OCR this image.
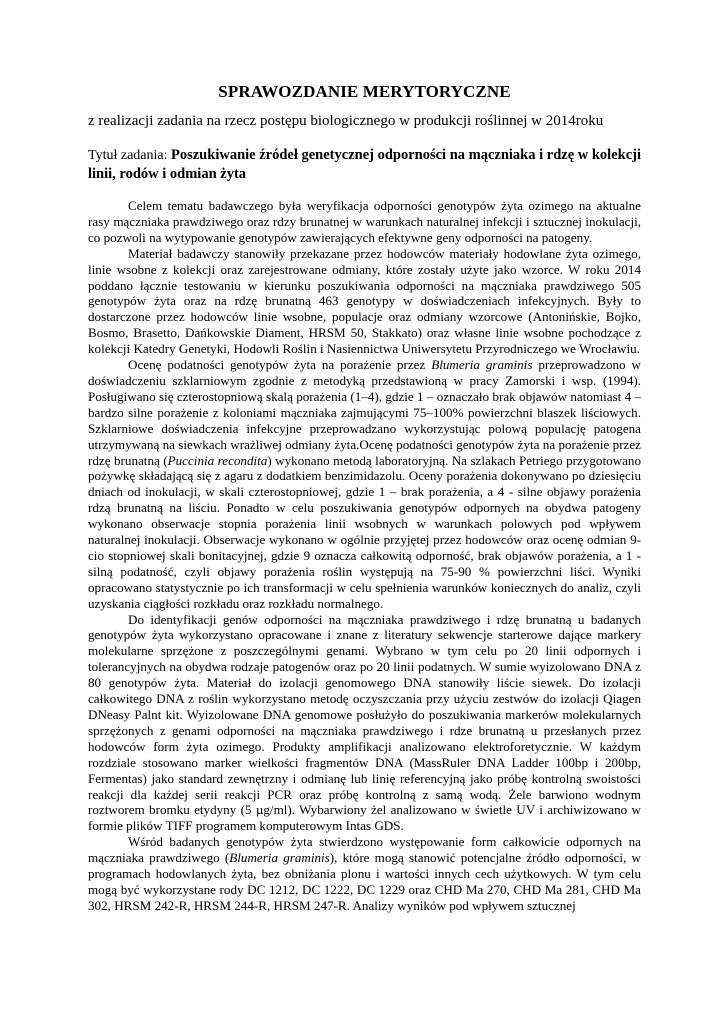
SPRAWOZDANIE MERYTORYCZNE

z realizacji zadania na rzecz postępu biologicznego w produkcji roślinnej w 2014roku

Tytuł zadania: Poszukiwanie źródeł genetycznej odporności na mączniaka i rdzę w kolekcji linii, rodów i odmian żyta

Celem tematu badawczego była weryfikacja odporności genotypów żyta ozimego na aktualne rasy mączniaka prawdziwego oraz rdzy brunatnej w warunkach naturalnej infekcji i sztucznej inokulacji, co pozwoli na wytypowanie genotypów zawierających efektywne geny odporności na patogeny.

Materiał badawczy stanowiły przekazane przez hodowców materiały hodowlane żyta ozimego, linie wsobne z kolekcji oraz zarejestrowane odmiany, które zostały użyte jako wzorce. W roku 2014 poddano łącznie testowaniu w kierunku poszukiwania odporności na mączniaka prawdziwego 505 genotypów żyta oraz na rdzę brunatną 463 genotypy w doświadczeniach infekcyjnych. Były to dostarczone przez hodowców linie wsobne, populacje oraz odmiany wzorcowe (Antonińskie, Bojko, Bosmo, Brasetto, Dańkowskie Diament, HRSM 50, Stakkato) oraz własne linie wsobne pochodzące z kolekcji Katedry Genetyki, Hodowli Roślin i Nasiennictwa Uniwersytetu Przyrodniczego we Wrocławiu.

Ocenę podatności genotypów żyta na porażenie przez Blumeria graminis przeprowadzono w doświadczeniu szklarniowym zgodnie z metodyką przedstawioną w pracy Zamorski i wsp. (1994). Posługiwano się czterostopniową skalą porażenia (1–4), gdzie 1 – oznaczało brak objawów natomiast 4 – bardzo silne porażenie z koloniami mączniaka zajmującymi 75–100% powierzchni blaszek liściowych. Szklarniowe doświadczenia infekcyjne przeprowadzano wykorzystując polową populację patogena utrzymywaną na siewkach wrażliwej odmiany żyta.Ocenę podatności genotypów żyta na porażenie przez rdzę brunatną (Puccinia recondita) wykonano metodą laboratoryjną. Na szlakach Petriego przygotowano pożywkę składającą się z agaru z dodatkiem benzimidazolu. Oceny porażenia dokonywano po dziesięciu dniach od inokulacji, w skali czterostopniowej, gdzie 1 – brak porażenia, a 4 - silne objawy porażenia rdzą brunatną na liściu. Ponadto w celu poszukiwania genotypów odpornych na obydwa patogeny wykonano obserwacje stopnia porażenia linii wsobnych w warunkach polowych pod wpływem naturalnej inokulacji. Obserwacje wykonano w ogólnie przyjętej przez hodowców oraz ocenę odmian 9-cio stopniowej skali bonitacyjnej, gdzie 9 oznacza całkowitą odporność, brak objawów porażenia, a 1 - silną podatność, czyli objawy porażenia roślin występują na 75-90 % powierzchni liści. Wyniki opracowano statystycznie po ich transformacji w celu spełnienia warunków koniecznych do analiz, czyli uzyskania ciągłości rozkładu oraz rozkładu normalnego.

Do identyfikacji genów odporności na mączniaka prawdziwego i rdzę brunatną u badanych genotypów żyta wykorzystano opracowane i znane z literatury sekwencje starterowe dające markery molekularne sprzężone z poszczególnymi genami. Wybrano w tym celu po 20 linii odpornych i tolerancyjnych na obydwa rodzaje patogenów oraz po 20 linii podatnych. W sumie wyizolowano DNA z 80 genotypów żyta. Materiał do izolacji genomowego DNA stanowiły liście siewek. Do izolacji całkowitego DNA z roślin wykorzystano metodę oczyszczania przy użyciu zestwów do izolacji Qiagen DNeasy Palnt kit. Wyizolowane DNA genomowe posłużyło do poszukiwania markerów molekularnych sprzężonych z genami odporności na mączniaka prawdziwego i rdze brunatną u przesłanych przez hodowców form żyta ozimego. Produkty amplifikacji analizowano elektroforetycznie. W każdym rozdziale stosowano marker wielkości fragmentów DNA (MassRuler DNA Ladder 100bp i 200bp, Fermentas) jako standard zewnętrzny i odmianę lub linię referencyjną jako próbę kontrolną swoistości reakcji dla każdej serii reakcji PCR oraz próbę kontrolną z samą wodą. Żele barwiono wodnym roztworem bromku etydyny (5 µg/ml). Wybarwiony żel analizowano w świetle UV i archiwizowano w formie plików TIFF programem komputerowym Intas GDS.

Wśród badanych genotypów żyta stwierdzono występowanie form całkowicie odpornych na mączniaka prawdziwego (Blumeria graminis), które mogą stanowić potencjalne źródło odporności, w programach hodowlanych żyta, bez obniżania plonu i wartości innych cech użytkowych. W tym celu mogą być wykorzystane rody DC 1212, DC 1222, DC 1229 oraz CHD Ma 270, CHD Ma 281, CHD Ma 302, HRSM 242-R, HRSM 244-R, HRSM 247-R. Analizy wyników pod wpływem sztucznej
